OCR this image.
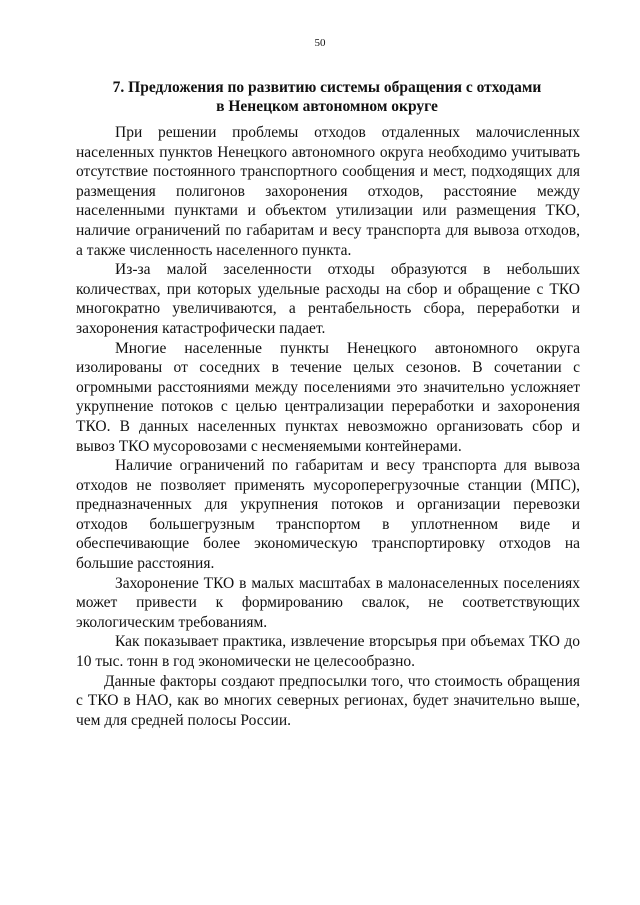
50
7. Предложения по развитию системы обращения с отходами
в Ненецком автономном округе

При решении проблемы отходов отдаленных малочисленных населенных пунктов Ненецкого автономного округа необходимо учитывать отсутствие постоянного транспортного сообщения и мест, подходящих для размещения полигонов захоронения отходов, расстояние между населенными пунктами и объектом утилизации или размещения ТКО, наличие ограничений по габаритам и весу транспорта для вывоза отходов, а также численность населенного пункта.

Из-за малой заселенности отходы образуются в небольших количествах, при которых удельные расходы на сбор и обращение с ТКО многократно увеличиваются, а рентабельность сбора, переработки и захоронения катастрофически падает.

Многие населенные пункты Ненецкого автономного округа изолированы от соседних в течение целых сезонов. В сочетании с огромными расстояниями между поселениями это значительно усложняет укрупнение потоков с целью централизации переработки и захоронения ТКО. В данных населенных пунктах невозможно организовать сбор и вывоз ТКО мусоровозами с несменяемыми контейнерами.

Наличие ограничений по габаритам и весу транспорта для вывоза отходов не позволяет применять мусороперегрузочные станции (МПС), предназначенных для укрупнения потоков и организации перевозки отходов большегрузным транспортом в уплотненном виде и обеспечивающие более экономическую транспортировку отходов на большие расстояния.

Захоронение ТКО в малых масштабах в малонаселенных поселениях может привести к формированию свалок, не соответствующих экологическим требованиям.

Как показывает практика, извлечение вторсырья при объемах ТКО до 10 тыс. тонн в год экономически не целесообразно.

Данные факторы создают предпосылки того, что стоимость обращения с ТКО в НАО, как во многих северных регионах, будет значительно выше, чем для средней полосы России.
